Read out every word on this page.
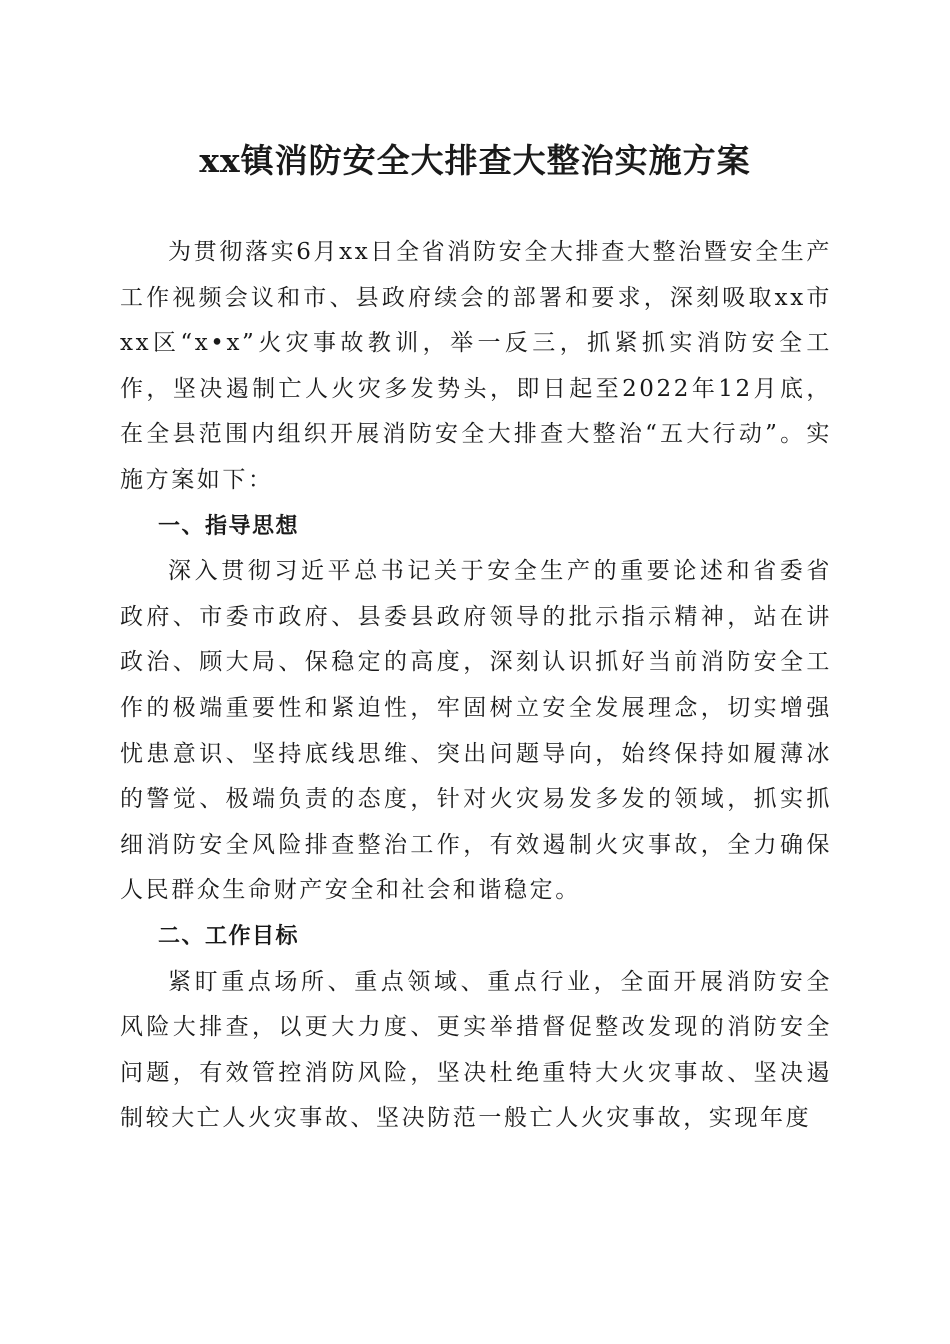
xx镇消防安全大排查大整治实施方案

为贯彻落实6月xx日全省消防安全大排查大整治暨安全生产工作视频会议和市、县政府续会的部署和要求，深刻吸取xx市xx区“x•x”火灾事故教训，举一反三，抓紧抓实消防安全工作，坚决遏制亡人火灾多发势头，即日起至2022年12月底，在全县范围内组织开展消防安全大排查大整治“五大行动”。实施方案如下：

一、指导思想

深入贯彻习近平总书记关于安全生产的重要论述和省委省政府、市委市政府、县委县政府领导的批示指示精神，站在讲政治、顾大局、保稳定的高度，深刻认识抓好当前消防安全工作的极端重要性和紧迫性，牢固树立安全发展理念，切实增强忧患意识、坚持底线思维、突出问题导向，始终保持如履薄冰的警觉、极端负责的态度，针对火灾易发多发的领域，抓实抓细消防安全风险排查整治工作，有效遏制火灾事故，全力确保人民群众生命财产安全和社会和谐稳定。

二、工作目标

紧盯重点场所、重点领域、重点行业，全面开展消防安全风险大排查，以更大力度、更实举措督促整改发现的消防安全问题，有效管控消防风险，坚决杜绝重特大火灾事故、坚决遏制较大亡人火灾事故、坚决防范一般亡人火灾事故，实现年度
